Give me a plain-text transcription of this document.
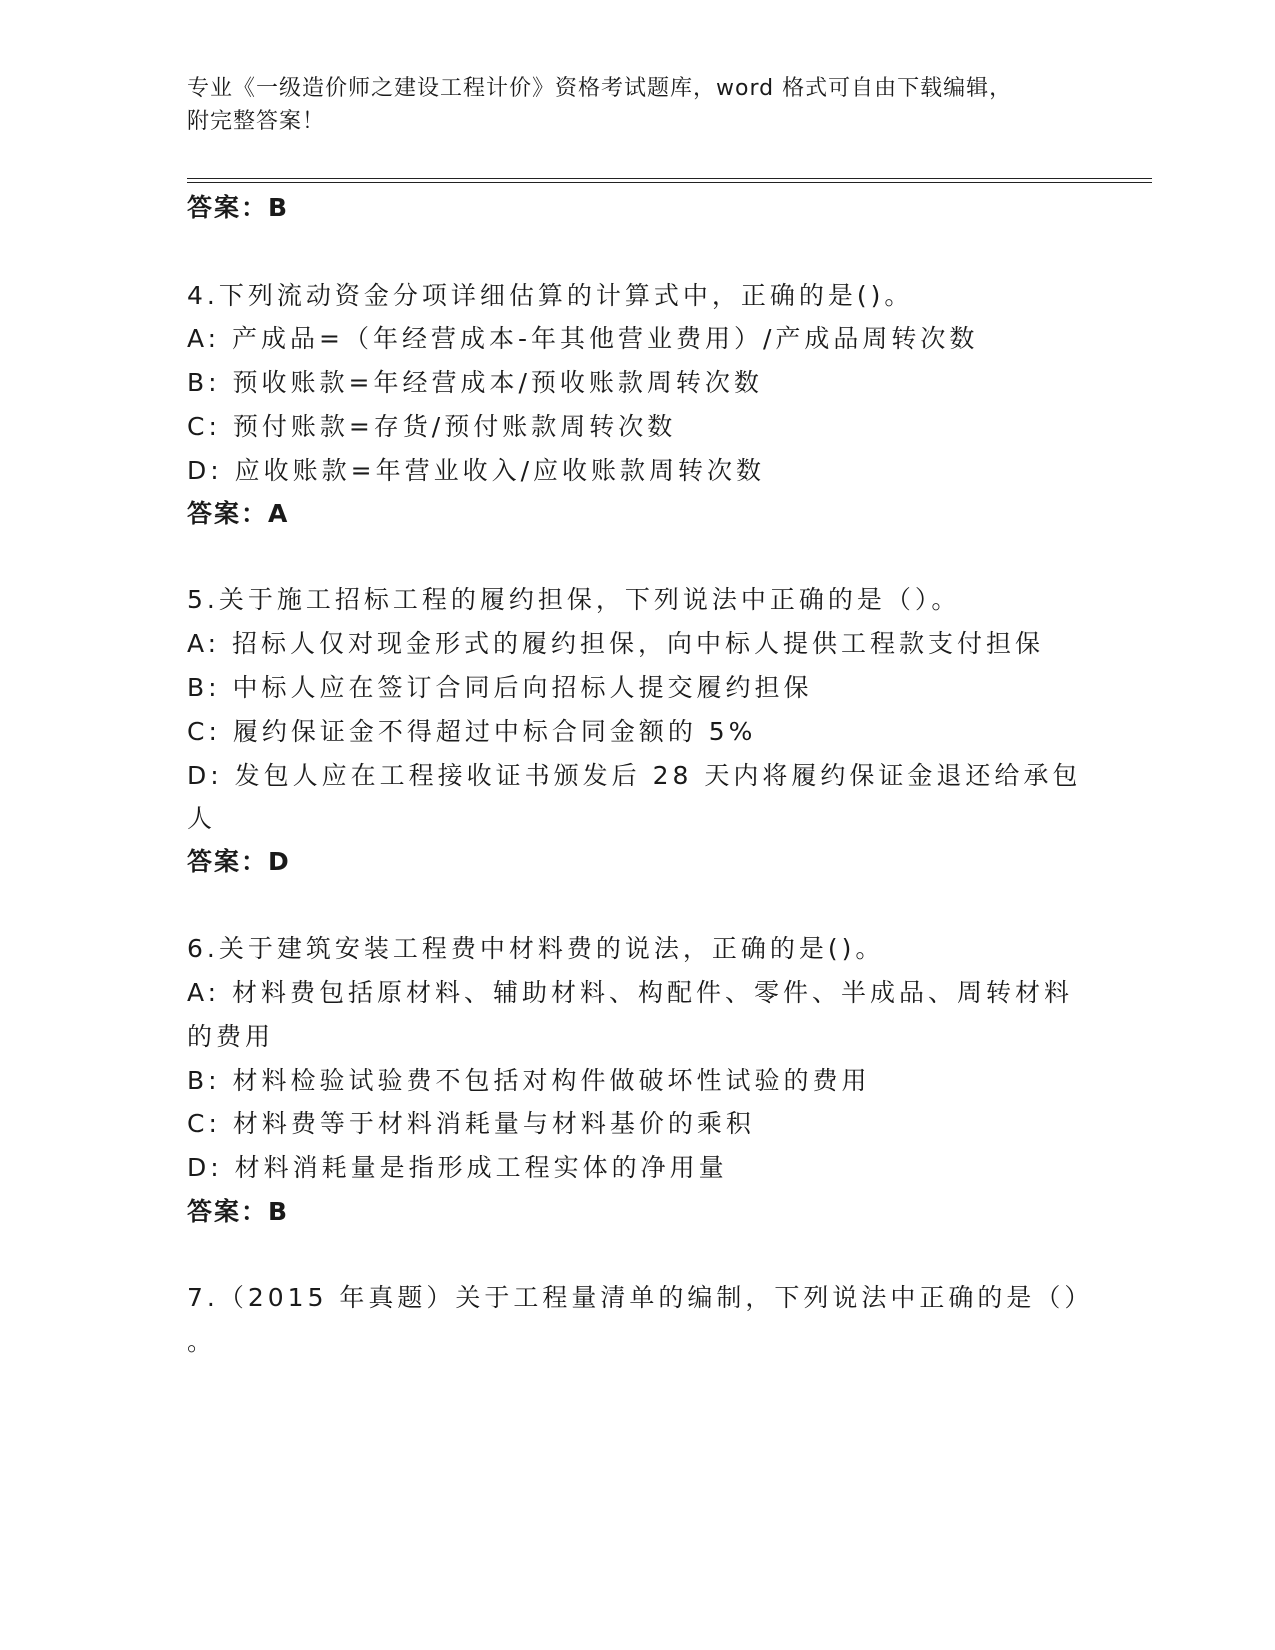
专业《一级造价师之建设工程计价》资格考试题库，word 格式可自由下载编辑，
附完整答案！
答案：B
4.下列流动资金分项详细估算的计算式中，正确的是()。
A: 产成品=（年经营成本-年其他营业费用）/产成品周转次数
B: 预收账款=年经营成本/预收账款周转次数
C: 预付账款=存货/预付账款周转次数
D: 应收账款=年营业收入/应收账款周转次数
答案：A
5.关于施工招标工程的履约担保，下列说法中正确的是（）。
A: 招标人仅对现金形式的履约担保，向中标人提供工程款支付担保
B: 中标人应在签订合同后向招标人提交履约担保
C: 履约保证金不得超过中标合同金额的 5%
D: 发包人应在工程接收证书颁发后 28 天内将履约保证金退还给承包
人
答案：D
6.关于建筑安装工程费中材料费的说法，正确的是()。
A: 材料费包括原材料、辅助材料、构配件、零件、半成品、周转材料
的费用
B: 材料检验试验费不包括对构件做破坏性试验的费用
C: 材料费等于材料消耗量与材料基价的乘积
D: 材料消耗量是指形成工程实体的净用量
答案：B
7.（2015 年真题）关于工程量清单的编制，下列说法中正确的是（）
。
